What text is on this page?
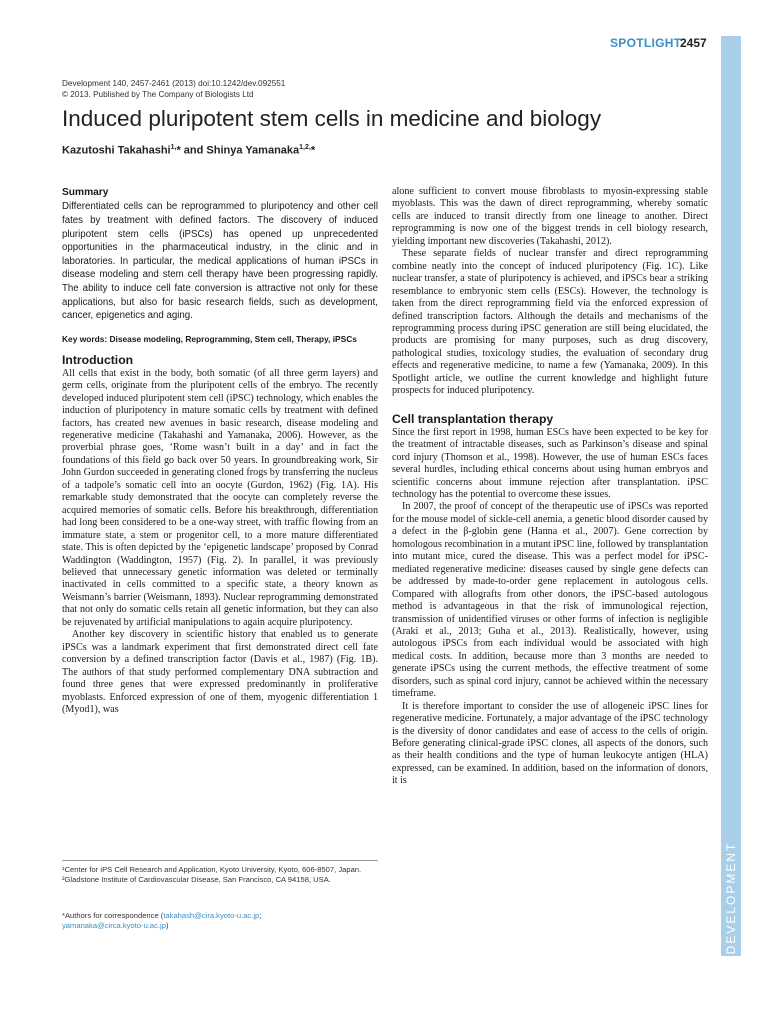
SPOTLIGHT
2457
DEVELOPMENT
Development 140, 2457-2461 (2013) doi:10.1242/dev.092551
© 2013. Published by The Company of Biologists Ltd
Induced pluripotent stem cells in medicine and biology
Kazutoshi Takahashi$^{1,}$* and Shinya Yamanaka$^{1,2,}$*

Summary

Differentiated cells can be reprogrammed to pluripotency and other cell fates by treatment with defined factors. The discovery of induced pluripotent stem cells (iPSCs) has opened up unprecedented opportunities in the pharmaceutical industry, in the clinic and in laboratories. In particular, the medical applications of human iPSCs in disease modeling and stem cell therapy have been progressing rapidly. The ability to induce cell fate conversion is attractive not only for these applications, but also for basic research fields, such as development, cancer, epigenetics and aging.

Key words: Disease modeling, Reprogramming, Stem cell, Therapy, iPSCs

Introduction

All cells that exist in the body, both somatic (of all three germ layers) and germ cells, originate from the pluripotent cells of the embryo. The recently developed induced pluripotent stem cell (iPSC) technology, which enables the induction of pluripotency in mature somatic cells by treatment with defined factors, has created new avenues in basic research, disease modeling and regenerative medicine (Takahashi and Yamanaka, 2006). However, as the proverbial phrase goes, ‘Rome wasn’t built in a day’ and in fact the foundations of this field go back over 50 years. In groundbreaking work, Sir John Gurdon succeeded in generating cloned frogs by transferring the nucleus of a tadpole’s somatic cell into an oocyte (Gurdon, 1962) (Fig. 1A). His remarkable study demonstrated that the oocyte can completely reverse the acquired memories of somatic cells. Before his breakthrough, differentiation had long been considered to be a one-way street, with traffic flowing from an immature state, a stem or progenitor cell, to a more mature differentiated state. This is often depicted by the ‘epigenetic landscape’ proposed by Conrad Waddington (Waddington, 1957) (Fig. 2). In parallel, it was previously believed that unnecessary genetic information was deleted or terminally inactivated in cells committed to a specific state, a theory known as Weismann’s barrier (Weismann, 1893). Nuclear reprogramming demonstrated that not only do somatic cells retain all genetic information, but they can also be rejuvenated by artificial manipulations to again acquire pluripotency.

Another key discovery in scientific history that enabled us to generate iPSCs was a landmark experiment that first demonstrated direct cell fate conversion by a defined transcription factor (Davis et al., 1987) (Fig. 1B). The authors of that study performed complementary DNA subtraction and found three genes that were expressed predominantly in proliferative myoblasts. Enforced expression of one of them, myogenic differentiation 1 (Myod1), was

alone sufficient to convert mouse fibroblasts to myosin-expressing stable myoblasts. This was the dawn of direct reprogramming, whereby somatic cells are induced to transit directly from one lineage to another. Direct reprogramming is now one of the biggest trends in cell biology research, yielding important new discoveries (Takahashi, 2012).

These separate fields of nuclear transfer and direct reprogramming combine neatly into the concept of induced pluripotency (Fig. 1C). Like nuclear transfer, a state of pluripotency is achieved, and iPSCs bear a striking resemblance to embryonic stem cells (ESCs). However, the technology is taken from the direct reprogramming field via the enforced expression of defined transcription factors. Although the details and mechanisms of the reprogramming process during iPSC generation are still being elucidated, the products are promising for many purposes, such as drug discovery, pathological studies, toxicology studies, the evaluation of secondary drug effects and regenerative medicine, to name a few (Yamanaka, 2009). In this Spotlight article, we outline the current knowledge and highlight future prospects for induced pluripotency.

Cell transplantation therapy

Since the first report in 1998, human ESCs have been expected to be key for the treatment of intractable diseases, such as Parkinson’s disease and spinal cord injury (Thomson et al., 1998). However, the use of human ESCs faces several hurdles, including ethical concerns about using human embryos and scientific concerns about immune rejection after transplantation. iPSC technology has the potential to overcome these issues.

In 2007, the proof of concept of the therapeutic use of iPSCs was reported for the mouse model of sickle-cell anemia, a genetic blood disorder caused by a defect in the β-globin gene (Hanna et al., 2007). Gene correction by homologous recombination in a mutant iPSC line, followed by transplantation into mutant mice, cured the disease. This was a perfect model for iPSC-mediated regenerative medicine: diseases caused by single gene defects can be addressed by made-to-order gene replacement in autologous cells. Compared with allografts from other donors, the iPSC-based autologous method is advantageous in that the risk of immunological rejection, transmission of unidentified viruses or other forms of infection is negligible (Araki et al., 2013; Guha et al., 2013). Realistically, however, using autologous iPSCs from each individual would be associated with high medical costs. In addition, because more than 3 months are needed to generate iPSCs using the current methods, the effective treatment of some disorders, such as spinal cord injury, cannot be achieved within the necessary timeframe.

It is therefore important to consider the use of allogeneic iPSC lines for regenerative medicine. Fortunately, a major advantage of the iPSC technology is the diversity of donor candidates and ease of access to the cells of origin. Before generating clinical-grade iPSC clones, all aspects of the donors, such as their health conditions and the type of human leukocyte antigen (HLA) expressed, can be examined. In addition, based on the information of donors, it is

¹Center for iPS Cell Research and Application, Kyoto University, Kyoto, 606-8507, Japan. ²Gladstone Institute of Cardiovascular Disease, San Francisco, CA 94158, USA.
*Authors for correspondence (takahash@cira.kyoto-u.ac.jp;
yamanaka@circa.kyoto-u.ac.jp)
